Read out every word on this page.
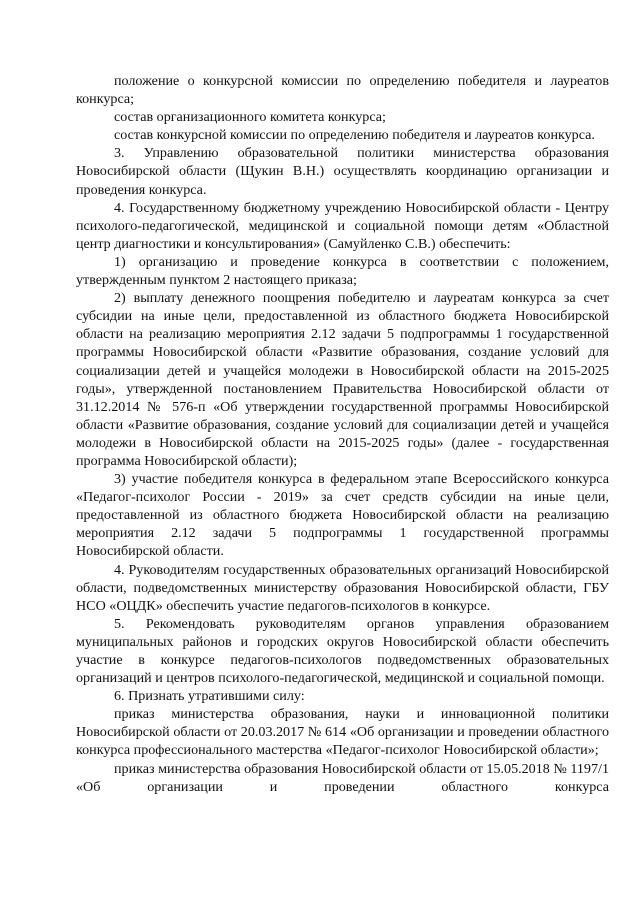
положение о конкурсной комиссии по определению победителя и лауреатов конкурса;

состав организационного комитета конкурса;

состав конкурсной комиссии по определению победителя и лауреатов конкурса.

3. Управлению образовательной политики министерства образования Новосибирской области (Щукин В.Н.) осуществлять координацию организации и проведения конкурса.

4. Государственному бюджетному учреждению Новосибирской области - Центру психолого-педагогической, медицинской и социальной помощи детям «Областной центр диагностики и консультирования» (Самуйленко С.В.) обеспечить:

1) организацию и проведение конкурса в соответствии с положением, утвержденным пунктом 2 настоящего приказа;

2) выплату денежного поощрения победителю и лауреатам конкурса за счет субсидии на иные цели, предоставленной из областного бюджета Новосибирской области на реализацию мероприятия 2.12 задачи 5 подпрограммы 1 государственной программы Новосибирской области «Развитие образования, создание условий для социализации детей и учащейся молодежи в Новосибирской области на 2015-2025 годы», утвержденной постановлением Правительства Новосибирской области от 31.12.2014 № 576-п «Об утверждении государственной программы Новосибирской области «Развитие образования, создание условий для социализации детей и учащейся молодежи в Новосибирской области на 2015-2025 годы» (далее - государственная программа Новосибирской области);

3) участие победителя конкурса в федеральном этапе Всероссийского конкурса «Педагог-психолог России - 2019» за счет средств субсидии на иные цели, предоставленной из областного бюджета Новосибирской области на реализацию мероприятия 2.12 задачи 5 подпрограммы 1 государственной программы Новосибирской области.

4. Руководителям государственных образовательных организаций Новосибирской области, подведомственных министерству образования Новосибирской области, ГБУ НСО «ОЦДК» обеспечить участие педагогов-психологов в конкурсе.

5. Рекомендовать руководителям органов управления образованием муниципальных районов и городских округов Новосибирской области обеспечить участие в конкурсе педагогов-психологов подведомственных образовательных организаций и центров психолого-педагогической, медицинской и социальной помощи.

6. Признать утратившими силу:

приказ министерства образования, науки и инновационной политики Новосибирской области от 20.03.2017 № 614 «Об организации и проведении областного конкурса профессионального мастерства «Педагог-психолог Новосибирской области»;

приказ министерства образования Новосибирской области от 15.05.2018 № 1197/1 «Об организации и проведении областного конкурса
